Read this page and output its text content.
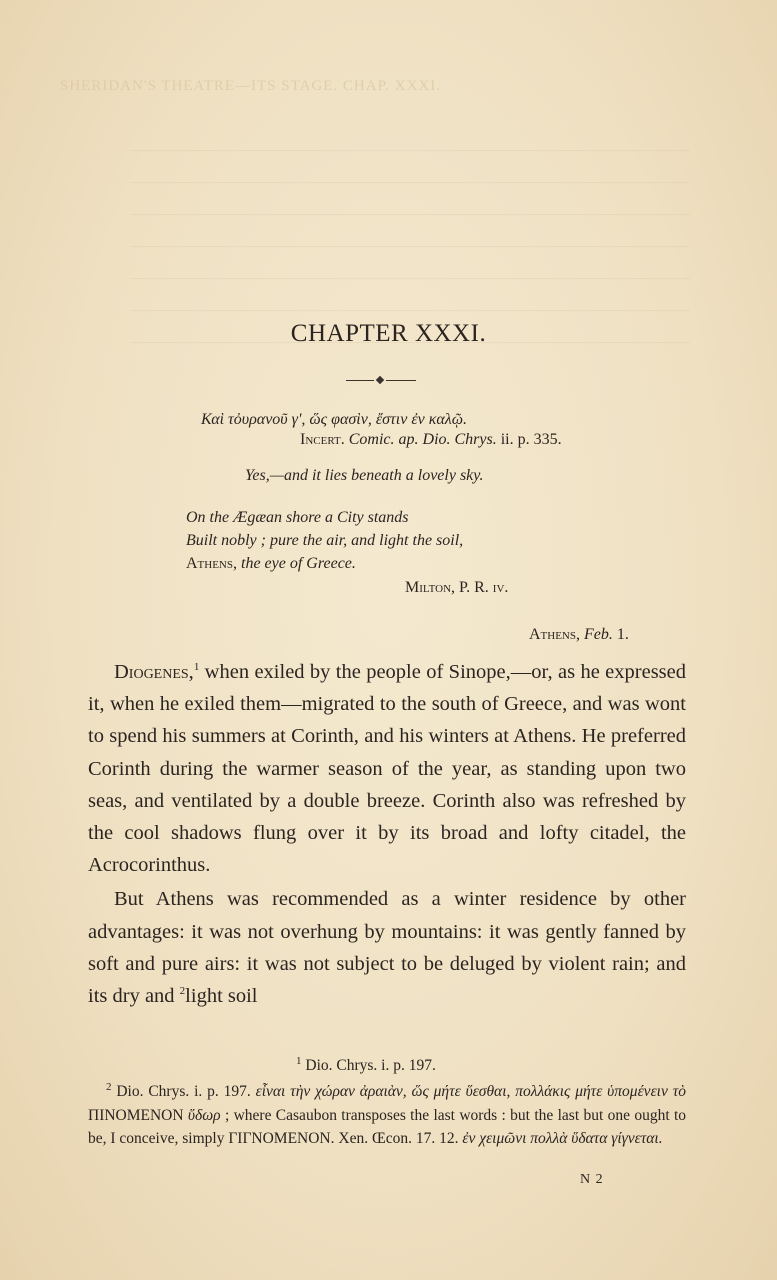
SHERIDAN'S THEATRE—ITS STAGE. CHAP. XXXI.
CHAPTER XXXI.
Καὶ τὀυρανοῦ γ', ὥς φασὶν, ἔστιν ἐν καλῷ.
Incert. Comic. ap. Dio. Chrys. ii. p. 335.
Yes,—and it lies beneath a lovely sky.
On the Ægæan shore a City stands
Built nobly ; pure the air, and light the soil,
Athens, the eye of Greece.
Milton, P. R. iv.
Athens, Feb. 1.

Diogenes,$^1$ when exiled by the people of Sinope,—or, as he expressed it, when he exiled them—migrated to the south of Greece, and was wont to spend his summers at Corinth, and his winters at Athens. He preferred Corinth during the warmer season of the year, as standing upon two seas, and ventilated by a double breeze. Corinth also was refreshed by the cool shadows flung over it by its broad and lofty citadel, the Acrocorinthus.

But Athens was recommended as a winter residence by other advantages: it was not overhung by mountains: it was gently fanned by soft and pure airs: it was not subject to be deluged by violent rain; and its dry and $^2$light soil

$^1$ Dio. Chrys. i. p. 197.
$^2$ Dio. Chrys. i. p. 197. εἶναι τὴν χώραν ἀραιὰν, ὥς μήτε ὕεσθαι, πολλάκις μήτε ὑπομένειν τὸ ΠΙΝΟΜΕΝΟΝ ὕδωρ ; where Casaubon transposes the last words : but the last but one ought to be, I conceive, simply ΓΙΓΝΟΜΕΝΟΝ. Xen. Œcon. 17. 12. ἐν χειμῶνι πολλὰ ὕδατα γίγνεται.
N 2
